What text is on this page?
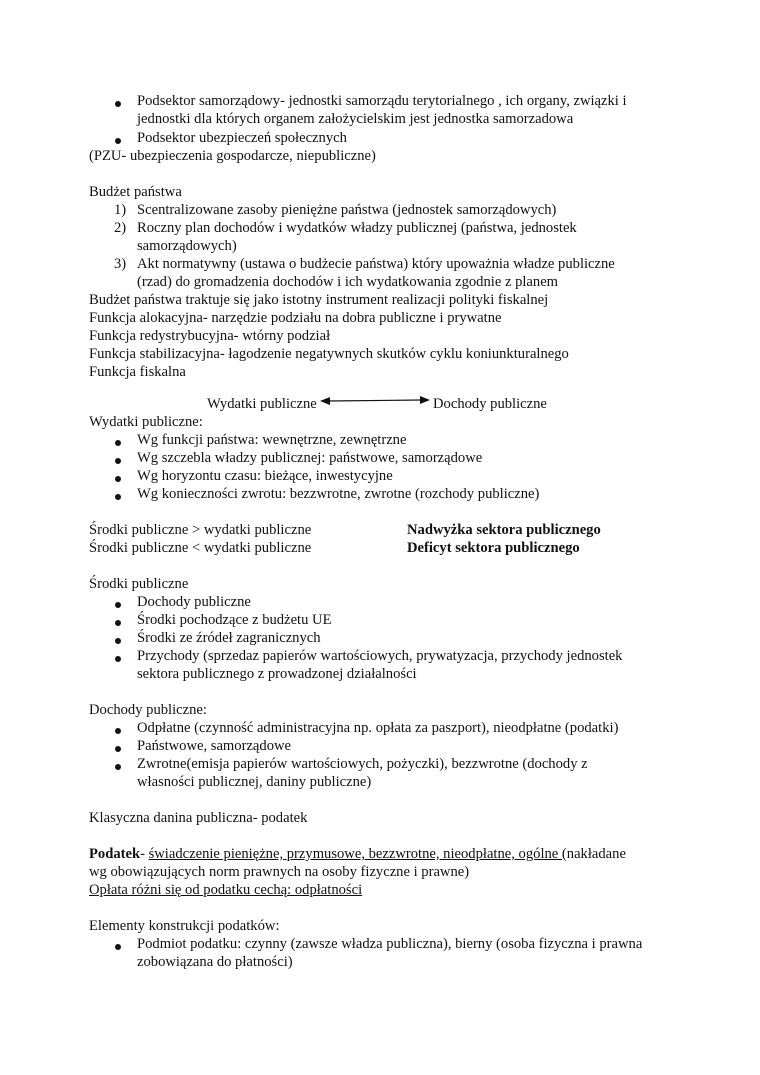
Podsektor samorządowy- jednostki samorządu terytorialnego , ich organy, związki i
jednostki dla których organem założycielskim jest jednostka samorzadowa
Podsektor ubezpieczeń społecznych
(PZU- ubezpieczenia gospodarcze, niepubliczne)
Budżet państwa
1) Scentralizowane zasoby pieniężne państwa (jednostek samorządowych)
2) Roczny plan dochodów i wydatków władzy publicznej (państwa, jednostek
samorządowych)
3) Akt normatywny (ustawa o budżecie państwa) który upoważnia władze publiczne
(rzad) do gromadzenia dochodów i ich wydatkowania zgodnie z planem
Budżet państwa traktuje się jako istotny instrument realizacji polityki fiskalnej
Funkcja alokacyjna- narzędzie podziału na dobra publiczne i prywatne
Funkcja redystrybucyjna- wtórny podział
Funkcja stabilizacyjna- łagodzenie negatywnych skutków cyklu koniunkturalnego
Funkcja fiskalna
Wydatki publiczne	Dochody publiczne
Wydatki publiczne:
Wg funkcji państwa: wewnętrzne, zewnętrzne
Wg szczebla władzy publicznej: państwowe, samorządowe
Wg horyzontu czasu: bieżące, inwestycyjne
Wg konieczności zwrotu: bezzwrotne, zwrotne (rozchody publiczne)
Środki publiczne > wydatki publiczne	Nadwyżka sektora publicznego
Środki publiczne < wydatki publiczne	Deficyt sektora publicznego
Środki publiczne
Dochody publiczne
Środki pochodzące z budżetu UE
Środki ze źródeł zagranicznych
Przychody (sprzedaz papierów wartościowych, prywatyzacja, przychody jednostek
sektora publicznego z prowadzonej działalności
Dochody publiczne:
Odpłatne (czynność administracyjna np. opłata za paszport), nieodpłatne (podatki)
Państwowe, samorządowe
Zwrotne(emisja papierów wartościowych, pożyczki), bezzwrotne (dochody z
własności publicznej, daniny publiczne)
Klasyczna danina publiczna- podatek
Podatek- świadczenie pieniężne, przymusowe, bezzwrotne, nieodpłatne, ogólne (nakładane
wg obowiązujących norm prawnych na osoby fizyczne i prawne)
Opłata różni się od podatku cechą: odpłatności
Elementy konstrukcji podatków:
Podmiot podatku: czynny (zawsze władza publiczna), bierny (osoba fizyczna i prawna
zobowiązana do płatności)
